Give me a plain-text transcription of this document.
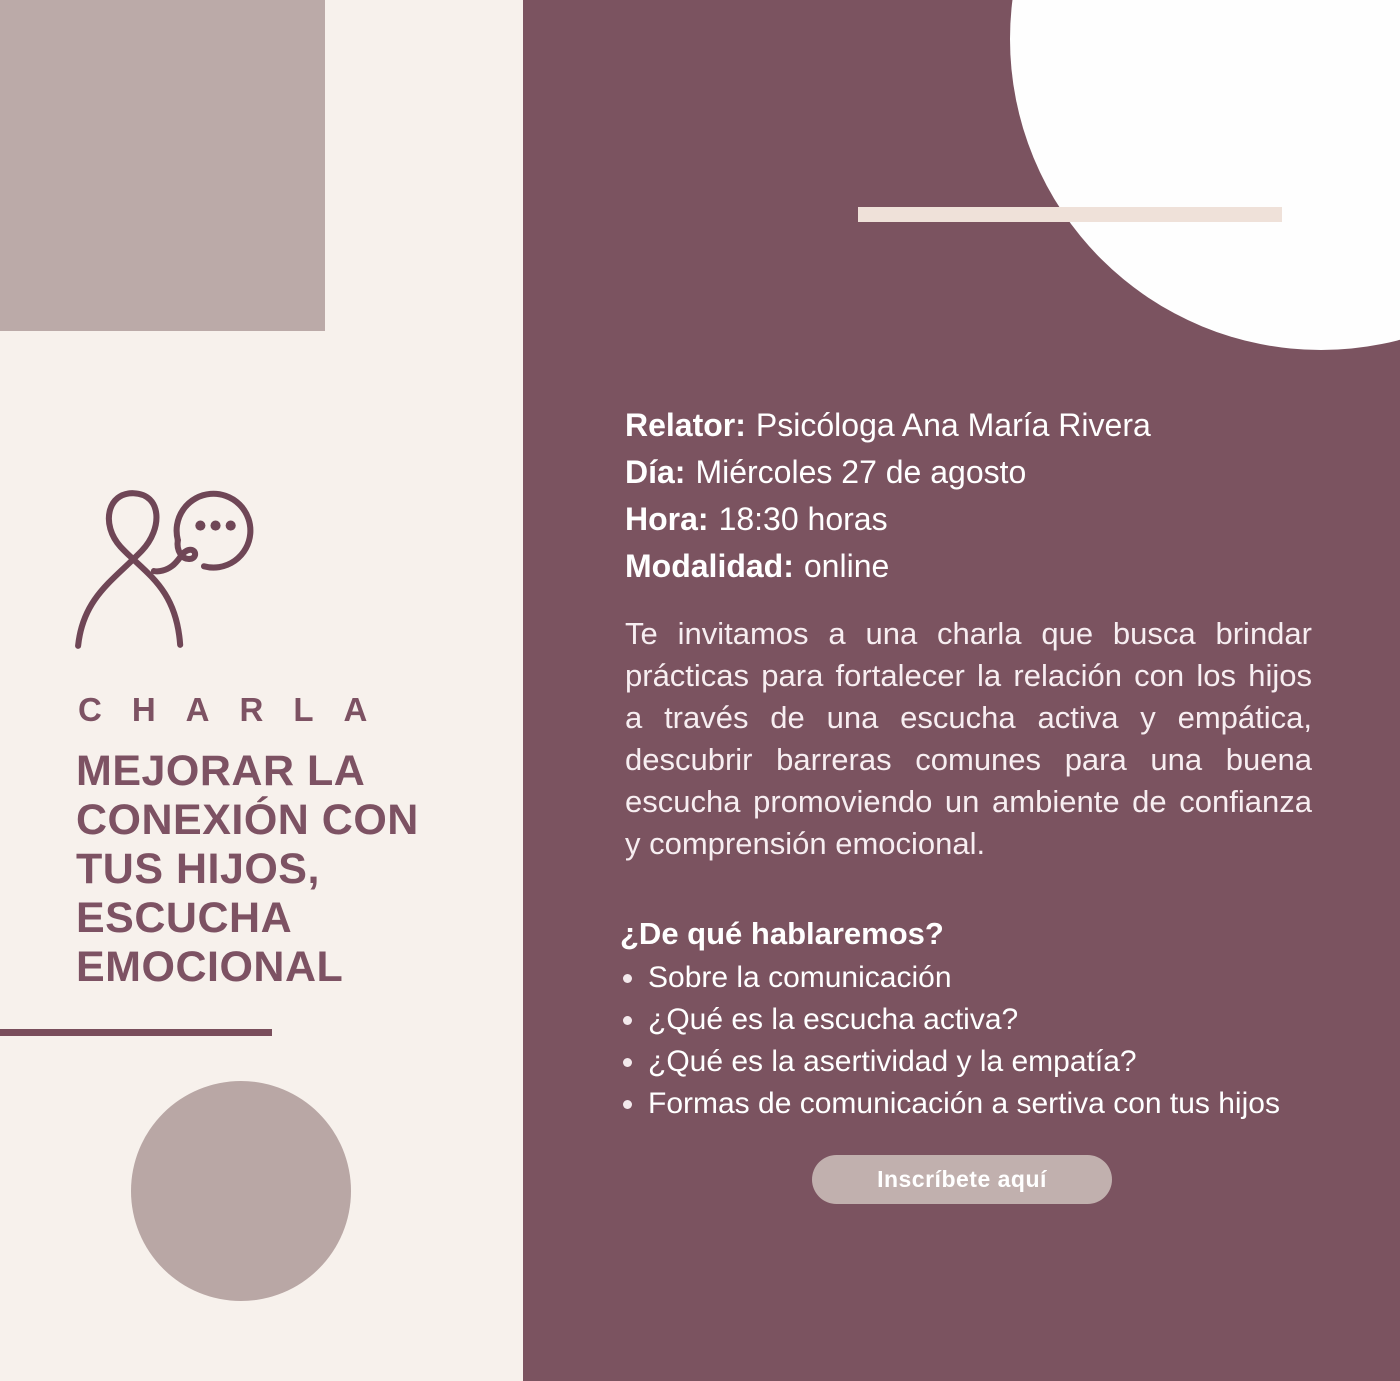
CHARLA
MEJORAR LA
CONEXIÓN CON
TUS HIJOS,
ESCUCHA
EMOCIONAL
Relator: Psicóloga Ana María Rivera
Día: Miércoles 27 de agosto
Hora: 18:30 horas
Modalidad: online

Te invitamos a una charla que busca brindar prácticas para fortalecer la relación con los hijos a través de una escucha activa y empática, descubrir barreras comunes para una buena escucha promoviendo un ambiente de confianza y comprensión emocional.

¿De qué hablaremos?
Sobre la comunicación
¿Qué es la escucha activa?
¿Qué es la asertividad y la empatía?
Formas de comunicación a sertiva con tus hijos
Inscríbete aquí
